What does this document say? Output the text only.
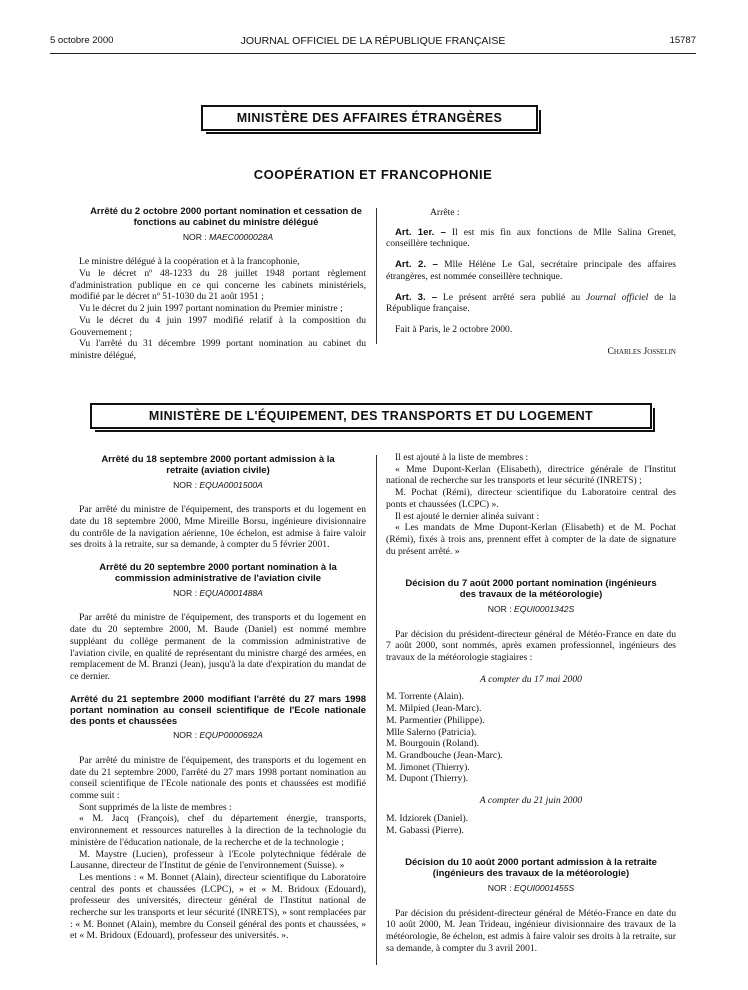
5 octobre 2000	JOURNAL OFFICIEL DE LA RÉPUBLIQUE FRANÇAISE	15787
MINISTÈRE DES AFFAIRES ÉTRANGÈRES
COOPÉRATION ET FRANCOPHONIE
Arrêté du 2 octobre 2000 portant nomination et cessation de fonctions au cabinet du ministre délégué
NOR : MAEC0000028A

Le ministre délégué à la coopération et à la francophonie,

Vu le décret nº 48-1233 du 28 juillet 1948 portant règlement d'administration publique en ce qui concerne les cabinets ministériels, modifié par le décret nº 51-1030 du 21 août 1951 ;

Vu le décret du 2 juin 1997 portant nomination du Premier ministre ;

Vu le décret du 4 juin 1997 modifié relatif à la composition du Gouvernement ;

Vu l'arrêté du 31 décembre 1999 portant nomination au cabinet du ministre délégué,

Arrête :

Art. 1er. – Il est mis fin aux fonctions de Mlle Salina Grenet, conseillère technique.

Art. 2. – Mlle Hélène Le Gal, secrétaire principale des affaires étrangères, est nommée conseillère technique.

Art. 3. – Le présent arrêté sera publié au Journal officiel de la République française.

Fait à Paris, le 2 octobre 2000.

Charles Josselin
MINISTÈRE DE L'ÉQUIPEMENT, DES TRANSPORTS ET DU LOGEMENT
Arrêté du 18 septembre 2000 portant admission à la retraite (aviation civile)
NOR : EQUA0001500A

Par arrêté du ministre de l'équipement, des transports et du logement en date du 18 septembre 2000, Mme Mireille Borsu, ingénieure divisionnaire du contrôle de la navigation aérienne, 10e échelon, est admise à faire valoir ses droits à la retraite, sur sa demande, à compter du 5 février 2001.

Arrêté du 20 septembre 2000 portant nomination à la commission administrative de l'aviation civile
NOR : EQUA0001488A

Par arrêté du ministre de l'équipement, des transports et du logement en date du 20 septembre 2000, M. Baude (Daniel) est nommé membre suppléant du collège permanent de la commission administrative de l'aviation civile, en qualité de représentant du ministre chargé des armées, en remplacement de M. Branzi (Jean), jusqu'à la date d'expiration du mandat de ce dernier.

Arrêté du 21 septembre 2000 modifiant l'arrêté du 27 mars 1998 portant nomination au conseil scientifique de l'Ecole nationale des ponts et chaussées
NOR : EQUP0000692A

Par arrêté du ministre de l'équipement, des transports et du logement en date du 21 septembre 2000, l'arrêté du 27 mars 1998 portant nomination au conseil scientifique de l'Ecole nationale des ponts et chaussées est modifié comme suit :

Sont supprimés de la liste de membres :

« M. Jacq (François), chef du département énergie, transports, environnement et ressources naturelles à la direction de la technologie du ministère de l'éducation nationale, de la recherche et de la technologie ;

M. Maystre (Lucien), professeur à l'Ecole polytechnique fédérale de Lausanne, directeur de l'Institut de génie de l'environnement (Suisse). »

Les mentions : « M. Bonnet (Alain), directeur scientifique du Laboratoire central des ponts et chaussées (LCPC), » et « M. Bridoux (Edouard), professeur des universités, directeur général de l'Institut national de recherche sur les transports et leur sécurité (INRETS), » sont remplacées par : « M. Bonnet (Alain), membre du Conseil général des ponts et chaussées, » et « M. Bridoux (Edouard), professeur des universités. ».

Il est ajouté à la liste de membres :

« Mme Dupont-Kerlan (Elisabeth), directrice générale de l'Institut national de recherche sur les transports et leur sécurité (INRETS) ;

M. Pochat (Rémi), directeur scientifique du Laboratoire central des ponts et chaussées (LCPC) ».

Il est ajouté le dernier alinéa suivant :

« Les mandats de Mme Dupont-Kerlan (Elisabeth) et de M. Pochat (Rémi), fixés à trois ans, prennent effet à compter de la date de signature du présent arrêté. »

Décision du 7 août 2000 portant nomination (ingénieurs des travaux de la météorologie)
NOR : EQUI0001342S

Par décision du président-directeur général de Météo-France en date du 7 août 2000, sont nommés, après examen professionnel, ingénieurs des travaux de la météorologie stagiaires :

A compter du 17 mai 2000
M. Torrente (Alain).
M. Milpied (Jean-Marc).
M. Parmentier (Philippe).
Mlle Salerno (Patricia).
M. Bourgouin (Roland).
M. Grandbouche (Jean-Marc).
M. Jimonet (Thierry).
M. Dupont (Thierry).
A compter du 21 juin 2000
M. Idziorek (Daniel).
M. Gabassi (Pierre).
Décision du 10 août 2000 portant admission à la retraite (ingénieurs des travaux de la météorologie)
NOR : EQUI0001455S

Par décision du président-directeur général de Météo-France en date du 10 août 2000, M. Jean Trideau, ingénieur divisionnaire des travaux de la météorologie, 8e échelon, est admis à faire valoir ses droits à la retraite, sur sa demande, à compter du 3 avril 2001.
